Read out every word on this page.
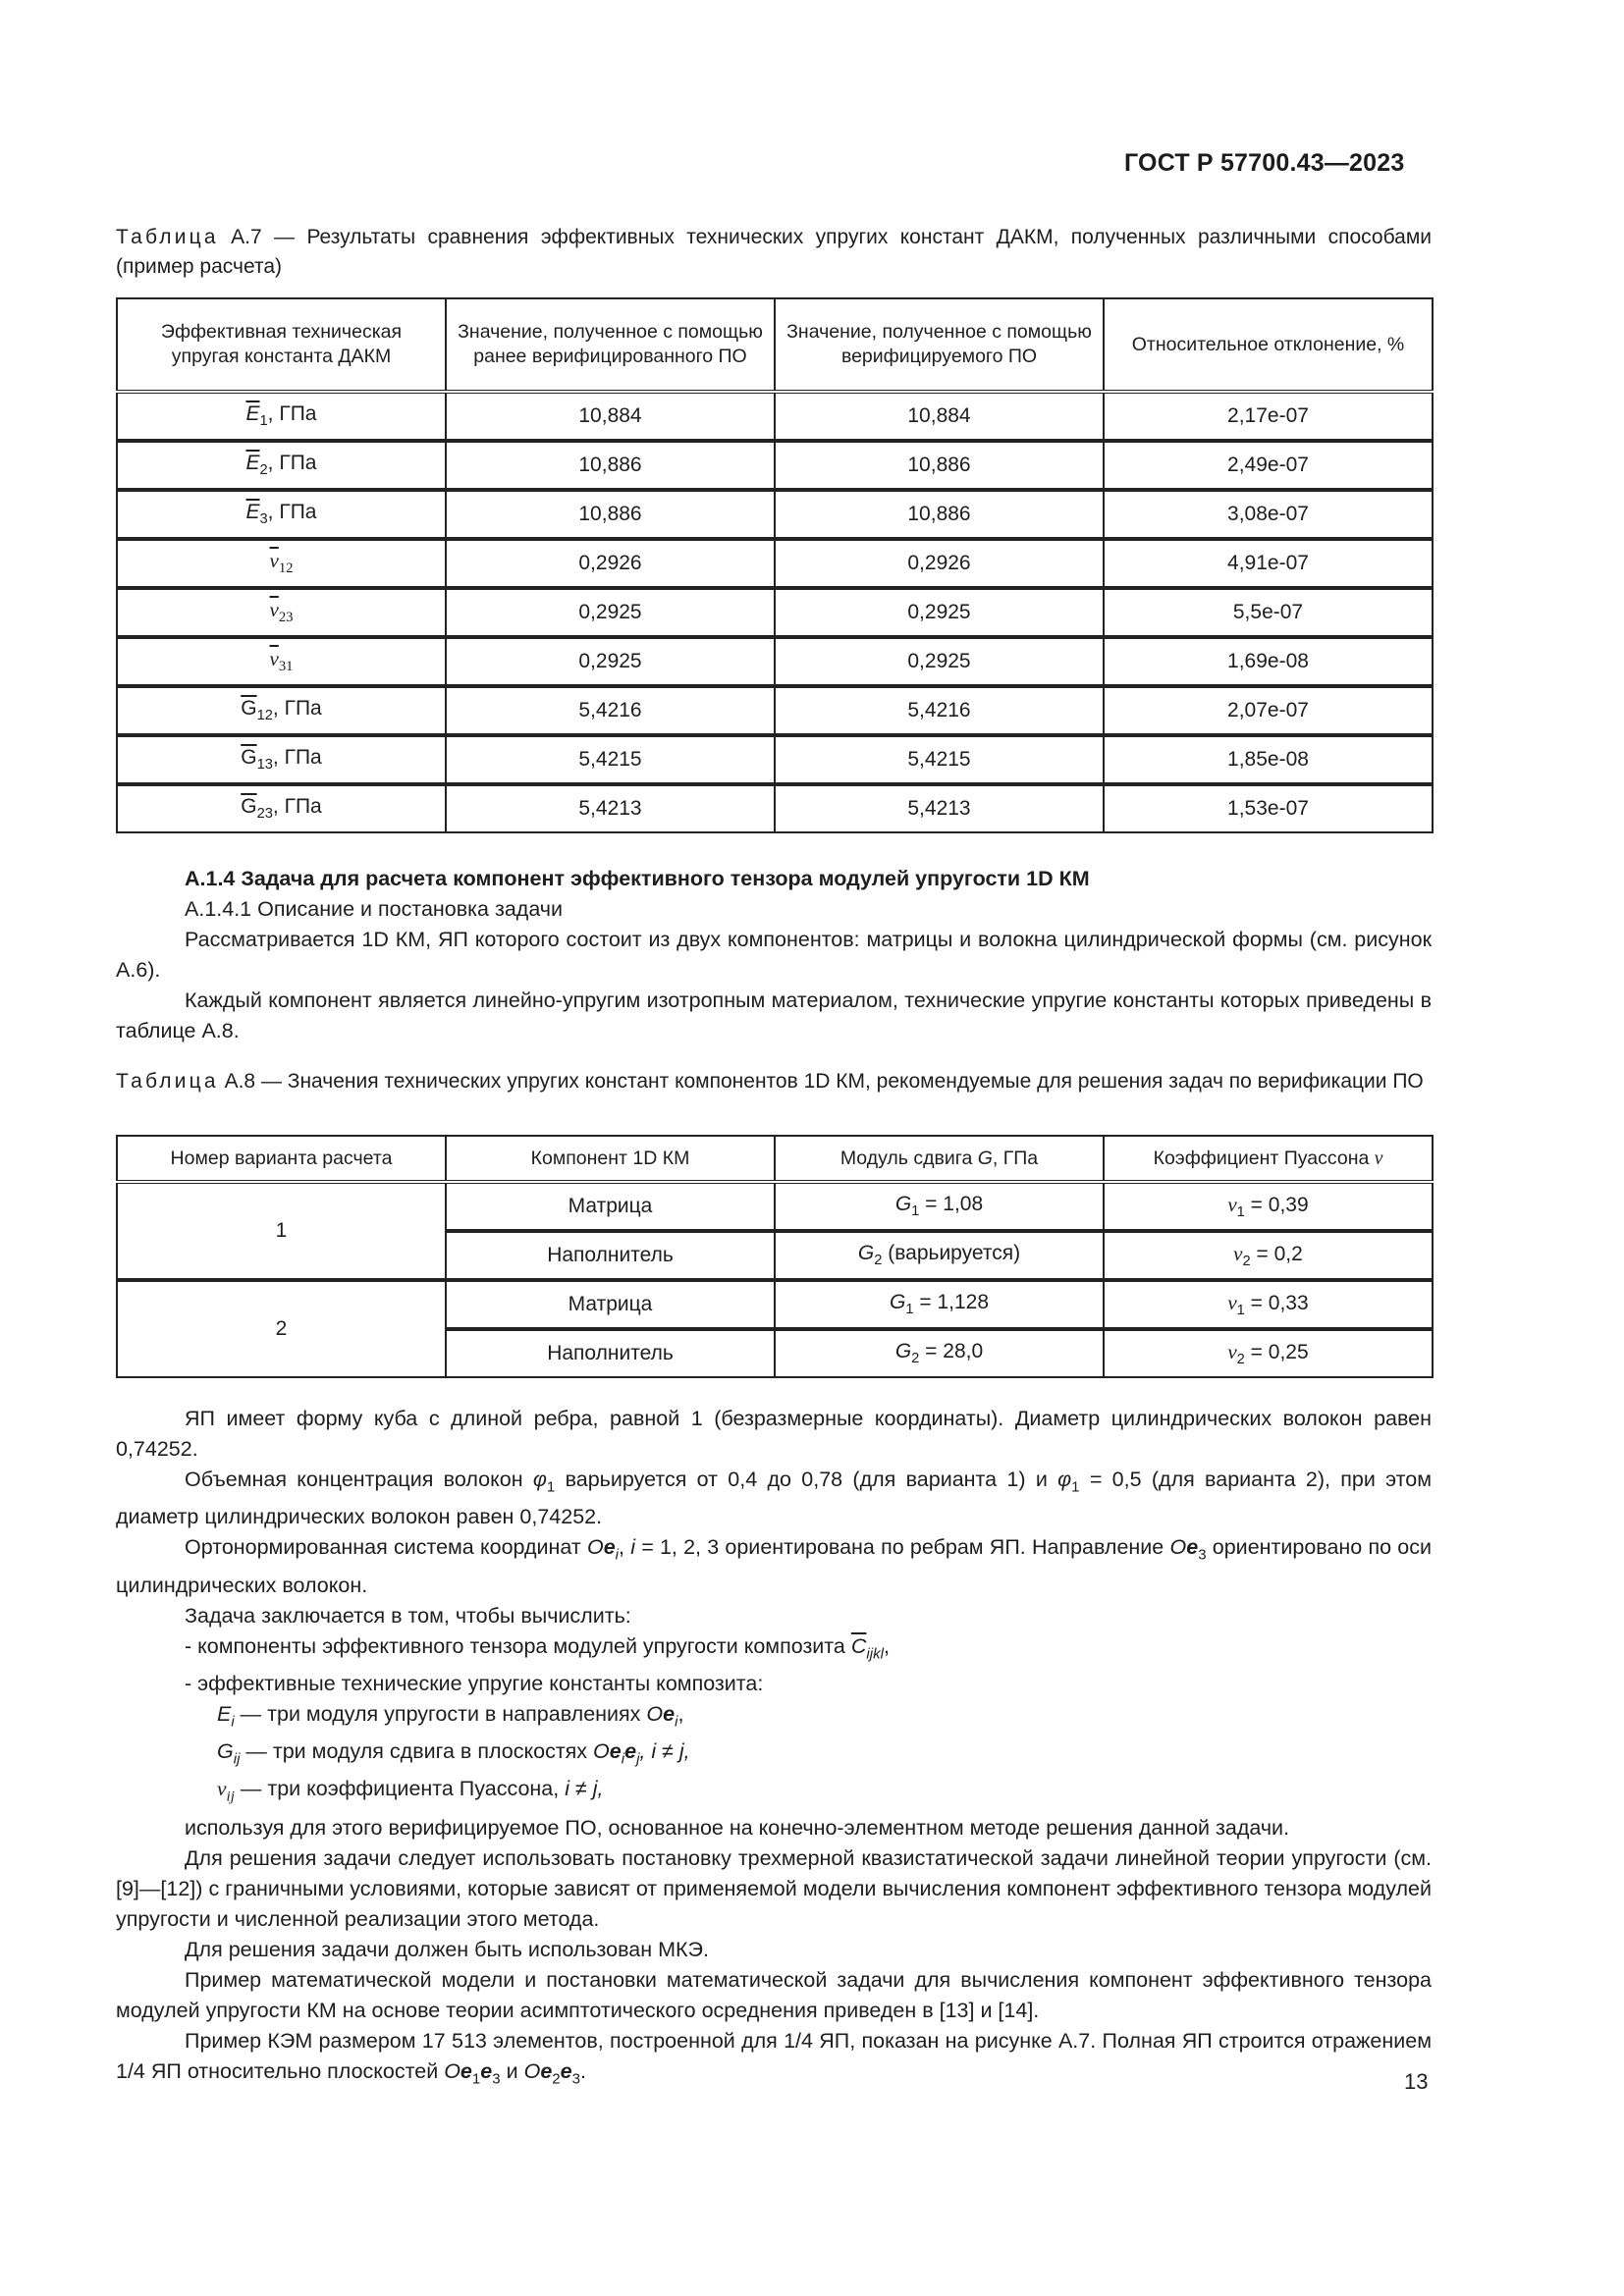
ГОСТ Р 57700.43—2023
Таблица А.7 — Результаты сравнения эффективных технических упругих констант ДАКМ, полученных различными способами (пример расчета)
Эффективная техническая упругая константа ДАКМ	Значение, полученное с помощью ранее верифицированного ПО	Значение, полученное с помощью верифицируемого ПО	Относительное отклонение, %
$\overline{E}_1$, ГПа	10,884	10,884	2,17e-07
$\overline{E}_2$, ГПа	10,886	10,886	2,49e-07
$\overline{E}_3$, ГПа	10,886	10,886	3,08e-07
$\overline{v}_{12}$	0,2926	0,2926	4,91e-07
$\overline{v}_{23}$	0,2925	0,2925	5,5e-07
$\overline{v}_{31}$	0,2925	0,2925	1,69e-08
$\overline{G}_{12}$, ГПа	5,4216	5,4216	2,07e-07
$\overline{G}_{13}$, ГПа	5,4215	5,4215	1,85e-08
$\overline{G}_{23}$, ГПа	5,4213	5,4213	1,53e-07

А.1.4 Задача для расчета компонент эффективного тензора модулей упругости 1D КМ

А.1.4.1 Описание и постановка задачи

Рассматривается 1D КМ, ЯП которого состоит из двух компонентов: матрицы и волокна цилиндрической формы (см. рисунок А.6).

Каждый компонент является линейно-упругим изотропным материалом, технические упругие константы которых приведены в таблице А.8.

Таблица А.8 — Значения технических упругих констант компонентов 1D КМ, рекомендуемые для решения задач по верификации ПО
Номер варианта расчета	Компонент 1D КМ	Модуль сдвига G, ГПа	Коэффициент Пуассона v
1	Матрица	$G_1 = 1,08$	$v_1 = 0,39$
	Наполнитель	$G_2$ (варьируется)	$v_2 = 0,2$
2	Матрица	$G_1 = 1,128$	$v_1 = 0,33$
	Наполнитель	$G_2 = 28,0$	$v_2 = 0,25$

ЯП имеет форму куба с длиной ребра, равной 1 (безразмерные координаты). Диаметр цилиндрических волокон равен 0,74252.

Объемная концентрация волокон $\varphi_1$ варьируется от 0,4 до 0,78 (для варианта 1) и $\varphi_1 = 0,5$ (для варианта 2), при этом диаметр цилиндрических волокон равен 0,74252.

Ортонормированная система координат $Oe_i$, i = 1, 2, 3 ориентирована по ребрам ЯП. Направление $Oe_3$ ориентировано по оси цилиндрических волокон.

Задача заключается в том, чтобы вычислить:

- компоненты эффективного тензора модулей упругости композита $\overline{C}_{ijkl}$,

- эффективные технические упругие константы композита:

$E_i$ — три модуля упругости в направлениях $Oe_i$,

$G_{ij}$ — три модуля сдвига в плоскостях $Oe_ie_j$, i ≠ j,

$v_{ij}$ — три коэффициента Пуассона, i ≠ j,

используя для этого верифицируемое ПО, основанное на конечно-элементном методе решения данной задачи.

Для решения задачи следует использовать постановку трехмерной квазистатической задачи линейной теории упругости (см. [9]—[12]) с граничными условиями, которые зависят от применяемой модели вычисления компонент эффективного тензора модулей упругости и численной реализации этого метода.

Для решения задачи должен быть использован МКЭ.

Пример математической модели и постановки математической задачи для вычисления компонент эффективного тензора модулей упругости КМ на основе теории асимптотического осреднения приведен в [13] и [14].

Пример КЭМ размером 17 513 элементов, построенной для 1/4 ЯП, показан на рисунке А.7. Полная ЯП строится отражением 1/4 ЯП относительно плоскостей $Oe_1e_3$ и $Oe_2e_3$.	13
